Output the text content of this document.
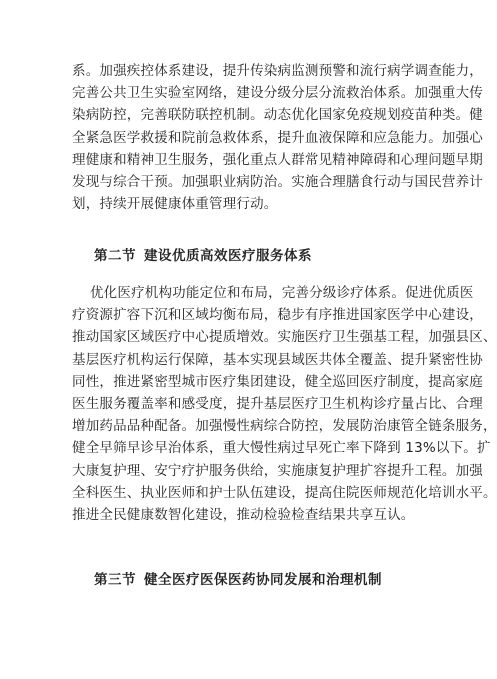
系。加强疾控体系建设，提升传染病监测预警和流行病学调查能力，
完善公共卫生实验室网络，建设分级分层分流救治体系。加强重大传
染病防控，完善联防联控机制。动态优化国家免疫规划疫苗种类。健
全紧急医学救援和院前急救体系，提升血液保障和应急能力。加强心
理健康和精神卫生服务，强化重点人群常见精神障碍和心理问题早期
发现与综合干预。加强职业病防治。实施合理膳食行动与国民营养计
划，持续开展健康体重管理行动。
第二节 建设优质高效医疗服务体系
优化医疗机构功能定位和布局，完善分级诊疗体系。促进优质医
疗资源扩容下沉和区域均衡布局，稳步有序推进国家医学中心建设，
推动国家区域医疗中心提质增效。实施医疗卫生强基工程，加强县区、
基层医疗机构运行保障，基本实现县域医共体全覆盖、提升紧密性协
同性，推进紧密型城市医疗集团建设，健全巡回医疗制度，提高家庭
医生服务覆盖率和感受度，提升基层医疗卫生机构诊疗量占比、合理
增加药品品种配备。加强慢性病综合防控，发展防治康管全链条服务，
健全早筛早诊早治体系，重大慢性病过早死亡率下降到 13%以下。扩
大康复护理、安宁疗护服务供给，实施康复护理扩容提升工程。加强
全科医生、执业医师和护士队伍建设，提高住院医师规范化培训水平。
推进全民健康数智化建设，推动检验检查结果共享互认。
第三节 健全医疗医保医药协同发展和治理机制
